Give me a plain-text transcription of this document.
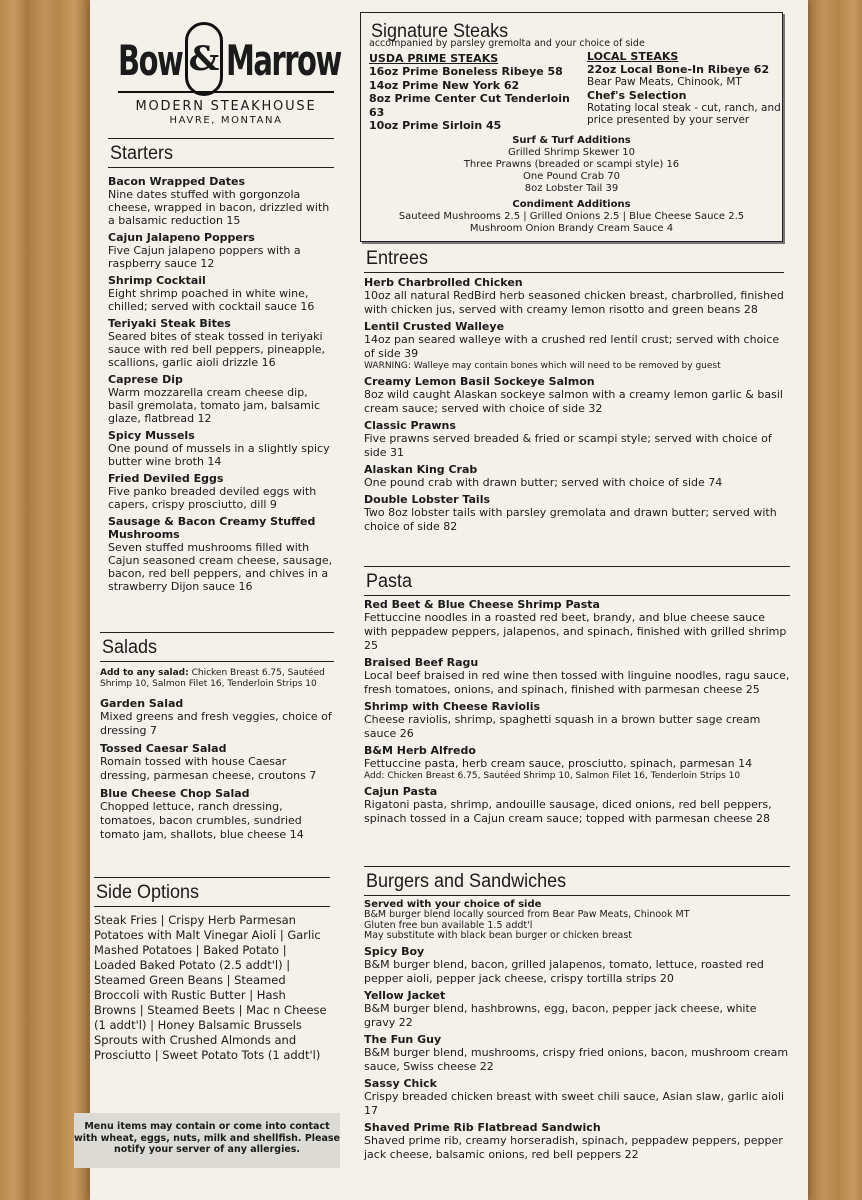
Bow & Marrow
MODERN STEAKHOUSE
HAVRE, MONTANA
Starters
Bacon Wrapped Dates
Nine dates stuffed with gorgonzola cheese, wrapped in bacon, drizzled with a balsamic reduction 15
Cajun Jalapeno Poppers
Five Cajun jalapeno poppers with a raspberry sauce 12
Shrimp Cocktail
Eight shrimp poached in white wine, chilled; served with cocktail sauce 16
Teriyaki Steak Bites
Seared bites of steak tossed in teriyaki sauce with red bell peppers, pineapple, scallions, garlic aioli drizzle 16
Caprese Dip
Warm mozzarella cream cheese dip, basil gremolata, tomato jam, balsamic glaze, flatbread 12
Spicy Mussels
One pound of mussels in a slightly spicy butter wine broth 14
Fried Deviled Eggs
Five panko breaded deviled eggs with capers, crispy prosciutto, dill 9
Sausage & Bacon Creamy Stuffed Mushrooms
Seven stuffed mushrooms filled with Cajun seasoned cream cheese, sausage, bacon, red bell peppers, and chives in a strawberry Dijon sauce 16
Salads
Add to any salad: Chicken Breast 6.75, Sautéed Shrimp 10, Salmon Filet 16, Tenderloin Strips 10
Garden Salad
Mixed greens and fresh veggies, choice of dressing 7
Tossed Caesar Salad
Romain tossed with house Caesar dressing, parmesan cheese, croutons 7
Blue Cheese Chop Salad
Chopped lettuce, ranch dressing, tomatoes, bacon crumbles, sundried tomato jam, shallots, blue cheese 14
Side Options
Steak Fries | Crispy Herb Parmesan Potatoes with Malt Vinegar Aioli | Garlic Mashed Potatoes | Baked Potato | Loaded Baked Potato (2.5 addt'l) | Steamed Green Beans | Steamed Broccoli with Rustic Butter | Hash Browns | Steamed Beets | Mac n Cheese (1 addt'l) | Honey Balsamic Brussels Sprouts with Crushed Almonds and Prosciutto | Sweet Potato Tots (1 addt'l)
Menu items may contain or come into contact with wheat, eggs, nuts, milk and shellfish. Please notify your server of any allergies.
Signature Steaks
accompanied by parsley gremolta and your choice of side
USDA PRIME STEAKS
16oz Prime Boneless Ribeye 58
14oz Prime New York 62
8oz Prime Center Cut Tenderloin 63
10oz Prime Sirloin 45
LOCAL STEAKS
22oz Local Bone-In Ribeye 62
Bear Paw Meats, Chinook, MT
Chef's Selection
Rotating local steak - cut, ranch, and price presented by your server
Surf & Turf Additions
Grilled Shrimp Skewer 10
Three Prawns (breaded or scampi style) 16
One Pound Crab 70
8oz Lobster Tail 39
Condiment Additions
Sauteed Mushrooms 2.5 | Grilled Onions 2.5 | Blue Cheese Sauce 2.5
Mushroom Onion Brandy Cream Sauce 4
Entrees
Herb Charbrolled Chicken
10oz all natural RedBird herb seasoned chicken breast, charbrolled, finished with chicken jus, served with creamy lemon risotto and green beans 28
Lentil Crusted Walleye
14oz pan seared walleye with a crushed red lentil crust; served with choice of side 39
WARNING: Walleye may contain bones which will need to be removed by guest
Creamy Lemon Basil Sockeye Salmon
8oz wild caught Alaskan sockeye salmon with a creamy lemon garlic & basil cream sauce; served with choice of side 32
Classic Prawns
Five prawns served breaded & fried or scampi style; served with choice of side 31
Alaskan King Crab
One pound crab with drawn butter; served with choice of side 74
Double Lobster Tails
Two 8oz lobster tails with parsley gremolata and drawn butter; served with choice of side 82
Pasta
Red Beet & Blue Cheese Shrimp Pasta
Fettuccine noodles in a roasted red beet, brandy, and blue cheese sauce with peppadew peppers, jalapenos, and spinach, finished with grilled shrimp 25
Braised Beef Ragu
Local beef braised in red wine then tossed with linguine noodles, ragu sauce, fresh tomatoes, onions, and spinach, finished with parmesan cheese 25
Shrimp with Cheese Raviolis
Cheese raviolis, shrimp, spaghetti squash in a brown butter sage cream sauce 26
B&M Herb Alfredo
Fettuccine pasta, herb cream sauce, prosciutto, spinach, parmesan 14
Add: Chicken Breast 6.75, Sautéed Shrimp 10, Salmon Filet 16, Tenderloin Strips 10
Cajun Pasta
Rigatoni pasta, shrimp, andouille sausage, diced onions, red bell peppers, spinach tossed in a Cajun cream sauce; topped with parmesan cheese 28
Burgers and Sandwiches
Served with your choice of side
B&M burger blend locally sourced from Bear Paw Meats, Chinook MT
Gluten free bun available 1.5 addt'l
May substitute with black bean burger or chicken breast
Spicy Boy
B&M burger blend, bacon, grilled jalapenos, tomato, lettuce, roasted red pepper aioli, pepper jack cheese, crispy tortilla strips 20
Yellow Jacket
B&M burger blend, hashbrowns, egg, bacon, pepper jack cheese, white gravy 22
The Fun Guy
B&M burger blend, mushrooms, crispy fried onions, bacon, mushroom cream sauce, Swiss cheese 22
Sassy Chick
Crispy breaded chicken breast with sweet chili sauce, Asian slaw, garlic aioli 17
Shaved Prime Rib Flatbread Sandwich
Shaved prime rib, creamy horseradish, spinach, peppadew peppers, pepper jack cheese, balsamic onions, red bell peppers 22
